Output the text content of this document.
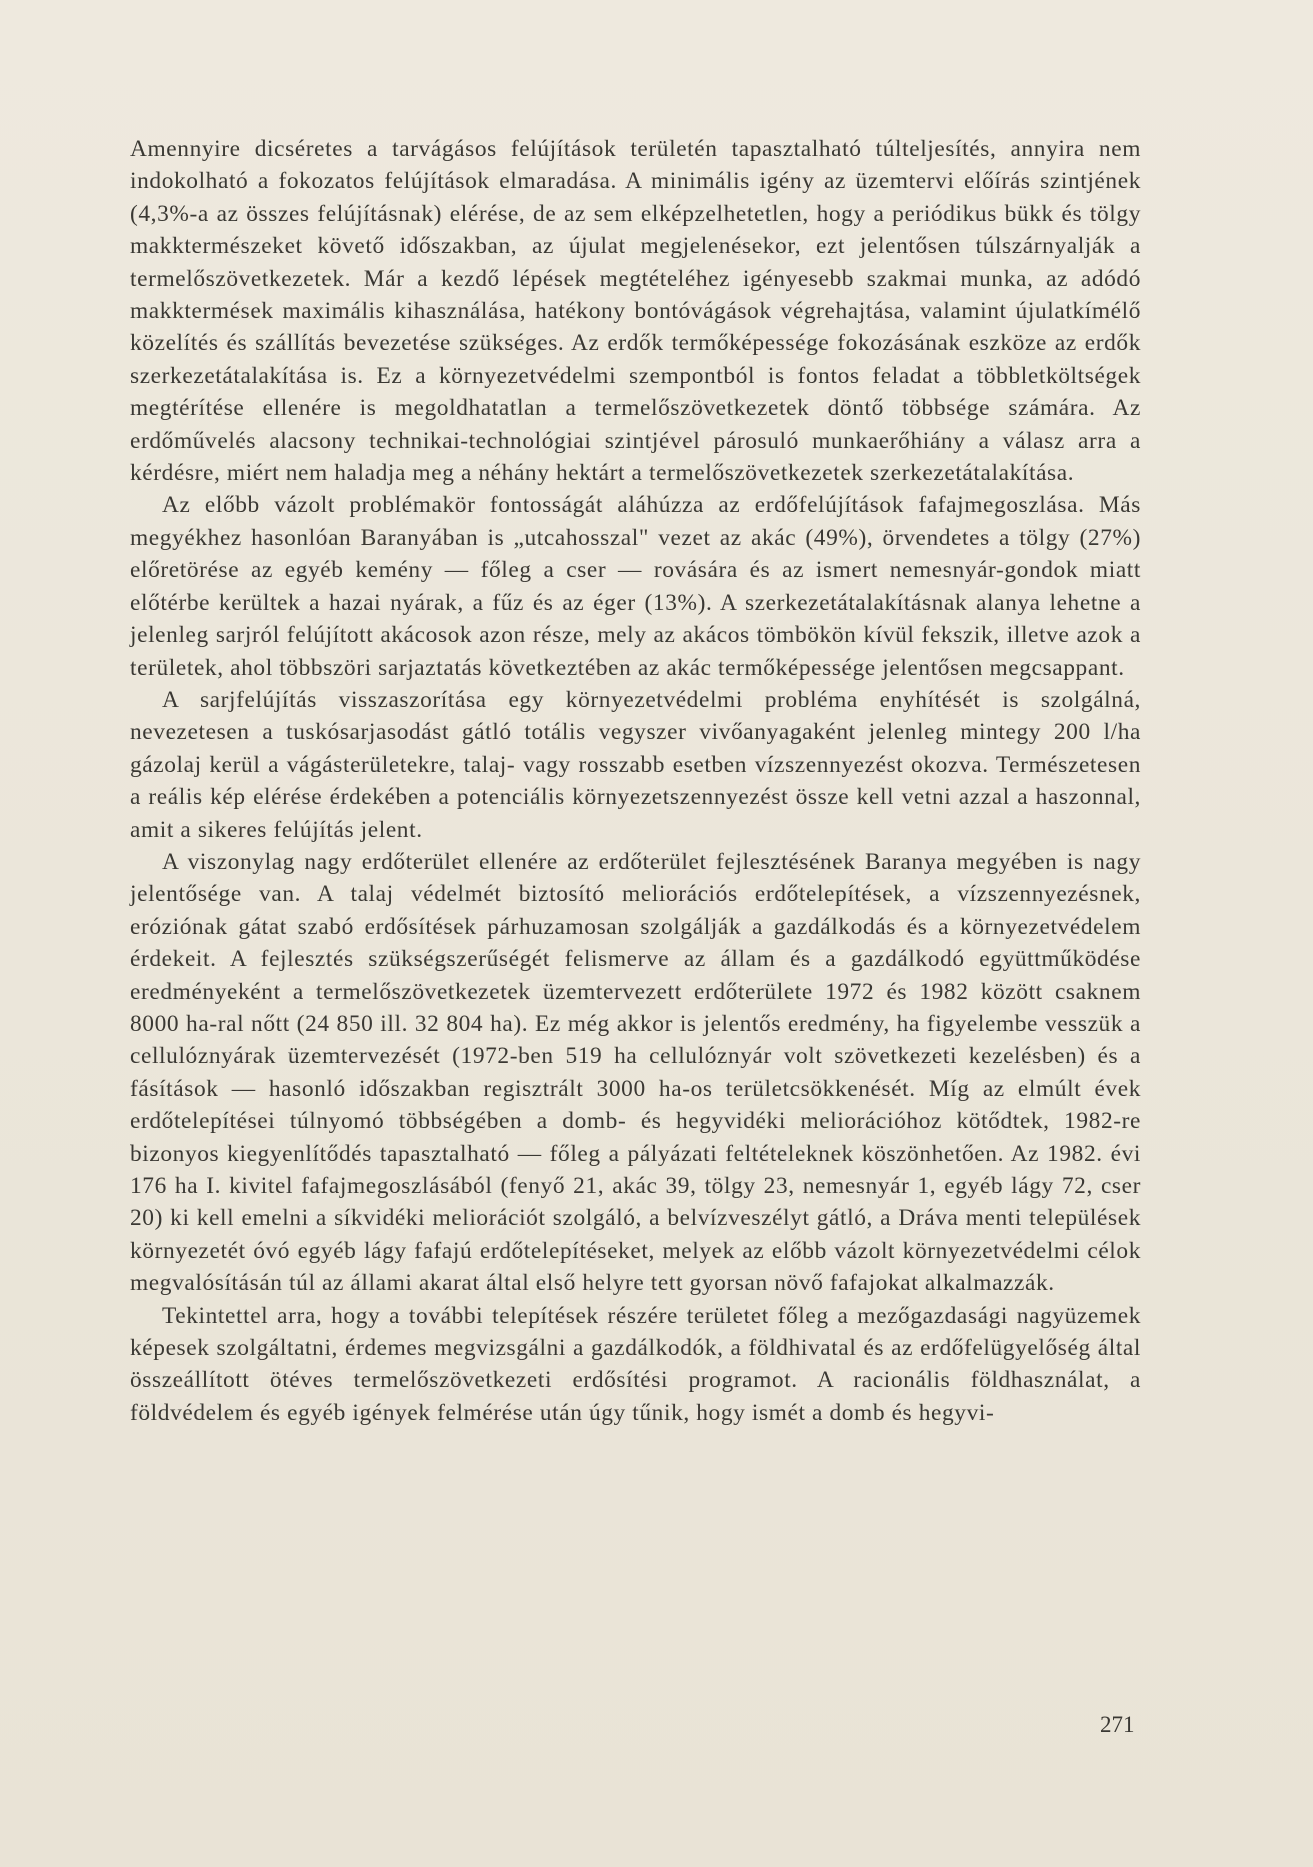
Amennyire dicséretes a tarvágásos felújítások területén tapasztalható túlteljesítés, annyira nem indokolható a fokozatos felújítások elmaradása. A minimális igény az üzemtervi előírás szintjének (4,3%-a az összes felújításnak) elérése, de az sem elképzelhetetlen, hogy a periódikus bükk és tölgy makktermészeket követő időszakban, az újulat megjelenésekor, ezt jelentősen túlszárnyalják a termelőszövetkezetek. Már a kezdő lépések megtételéhez igényesebb szakmai munka, az adódó makktermések maximális kihasználása, hatékony bontóvágások végrehajtása, valamint újulatkímélő közelítés és szállítás bevezetése szükséges. Az erdők termőképessége fokozásának eszköze az erdők szerkezetátalakítása is. Ez a környezetvédelmi szempontból is fontos feladat a többletköltségek megtérítése ellenére is megoldhatatlan a termelőszövetkezetek döntő többsége számára. Az erdőművelés alacsony technikai-technológiai szintjével párosuló munkaerőhiány a válasz arra a kérdésre, miért nem haladja meg a néhány hektárt a termelőszövetkezetek szerkezetátalakítása.

Az előbb vázolt problémakör fontosságát aláhúzza az erdőfelújítások fafajmegoszlása. Más megyékhez hasonlóan Baranyában is „utcahosszal" vezet az akác (49%), örvendetes a tölgy (27%) előretörése az egyéb kemény — főleg a cser — rovására és az ismert nemesnyár-gondok miatt előtérbe kerültek a hazai nyárak, a fűz és az éger (13%). A szerkezetátalakításnak alanya lehetne a jelenleg sarjról felújított akácosok azon része, mely az akácos tömbökön kívül fekszik, illetve azok a területek, ahol többszöri sarjaztatás következtében az akác termőképessége jelentősen megcsappant.

A sarjfelújítás visszaszorítása egy környezetvédelmi probléma enyhítését is szolgálná, nevezetesen a tuskósarjasodást gátló totális vegyszer vivőanyagaként jelenleg mintegy 200 l/ha gázolaj kerül a vágásterületekre, talaj- vagy rosszabb esetben vízszennyezést okozva. Természetesen a reális kép elérése érdekében a potenciális környezetszennyezést össze kell vetni azzal a haszonnal, amit a sikeres felújítás jelent.

A viszonylag nagy erdőterület ellenére az erdőterület fejlesztésének Baranya megyében is nagy jelentősége van. A talaj védelmét biztosító meliorációs erdőtelepítések, a vízszennyezésnek, eróziónak gátat szabó erdősítések párhuzamosan szolgálják a gazdálkodás és a környezetvédelem érdekeit. A fejlesztés szükségszerűségét felismerve az állam és a gazdálkodó együttműködése eredményeként a termelőszövetkezetek üzemtervezett erdőterülete 1972 és 1982 között csaknem 8000 ha-ral nőtt (24 850 ill. 32 804 ha). Ez még akkor is jelentős eredmény, ha figyelembe vesszük a cellulóznyárak üzemtervezését (1972-ben 519 ha cellulóznyár volt szövetkezeti kezelésben) és a fásítások — hasonló időszakban regisztrált 3000 ha-os területcsökkenését. Míg az elmúlt évek erdőtelepítései túlnyomó többségében a domb- és hegyvidéki meliorációhoz kötődtek, 1982-re bizonyos kiegyenlítődés tapasztalható — főleg a pályázati feltételeknek köszönhetően. Az 1982. évi 176 ha I. kivitel fafajmegoszlásából (fenyő 21, akác 39, tölgy 23, nemesnyár 1, egyéb lágy 72, cser 20) ki kell emelni a síkvidéki meliorációt szolgáló, a belvízveszélyt gátló, a Dráva menti települések környezetét óvó egyéb lágy fafajú erdőtelepítéseket, melyek az előbb vázolt környezetvédelmi célok megvalósításán túl az állami akarat által első helyre tett gyorsan növő fafajokat alkalmazzák.

Tekintettel arra, hogy a további telepítések részére területet főleg a mezőgazdasági nagyüzemek képesek szolgáltatni, érdemes megvizsgálni a gazdálkodók, a földhivatal és az erdőfelügyelőség által összeállított ötéves termelőszövetkezeti erdősítési programot. A racionális földhasználat, a földvédelem és egyéb igények felmérése után úgy tűnik, hogy ismét a domb és hegyvi-

271
